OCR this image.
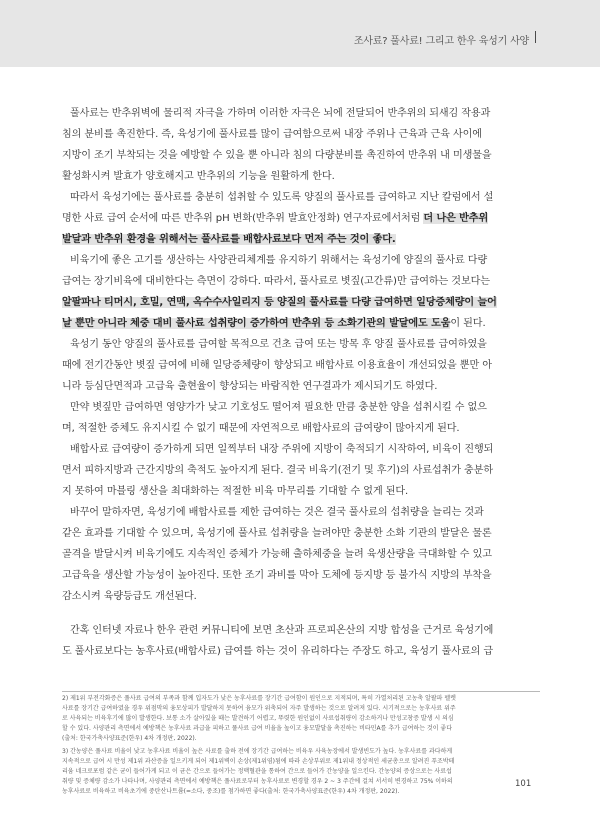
조사료? 풀사료! 그리고 한우 육성기 사양
풀사료는 반추위벽에 물리적 자극을 가하며 이러한 자극은 뇌에 전달되어 반추위의 되새김 작용과
침의 분비를 촉진한다. 즉, 육성기에 풀사료를 많이 급여함으로써 내장 주위나 근육과 근육 사이에
지방이 조기 부착되는 것을 예방할 수 있을 뿐 아니라 침의 다량분비를 촉진하여 반추위 내 미생물을
활성화시켜 발효가 양호해지고 반추위의 기능을 원활하게 한다.
따라서 육성기에는 풀사료를 충분히 섭취할 수 있도록 양질의 풀사료를 급여하고 지난 칼럼에서 설
명한 사료 급여 순서에 따른 반추위 pH 변화(반추위 발효안정화) 연구자료에서처럼 더 나은 반추위
발달과 반추위 환경을 위해서는 풀사료를 배합사료보다 먼저 주는 것이 좋다.
비육기에 좋은 고기를 생산하는 사양관리체계를 유지하기 위해서는 육성기에 양질의 풀사료 다량
급여는 장기비육에 대비한다는 측면이 강하다. 따라서, 풀사료로 볏짚(고간류)만 급여하는 것보다는
알팔파나 티머시, 호밀, 연맥, 옥수수사일리지 등 양질의 풀사료를 다량 급여하면 일당증체량이 늘어
날 뿐만 아니라 체중 대비 풀사료 섭취량이 증가하여 반추위 등 소화기관의 발달에도 도움이 된다.
육성기 동안 양질의 풀사료를 급여할 목적으로 건초 급여 또는 방목 후 양질 풀사료를 급여하였을
때에 전기간동안 볏짚 급여에 비해 일당증체량이 향상되고 배합사료 이용효율이 개선되었을 뿐만 아
니라 등심단면적과 고급육 출현율이 향상되는 바람직한 연구결과가 제시되기도 하였다.
만약 볏짚만 급여하면 영양가가 낮고 기호성도 떨어져 필요한 만큼 충분한 양을 섭취시킬 수 없으
며, 적절한 증체도 유지시킬 수 없기 때문에 자연적으로 배합사료의 급여량이 많아지게 된다.
배합사료 급여량이 증가하게 되면 일찍부터 내장 주위에 지방이 축적되기 시작하여, 비육이 진행되
면서 피하지방과 근간지방의 축적도 높아지게 된다. 결국 비육기(전기 및 후기)의 사료섭취가 충분하
지 못하여 마블링 생산을 최대화하는 적절한 비육 마무리를 기대할 수 없게 된다.
바꾸어 말하자면, 육성기에 배합사료를 제한 급여하는 것은 결국 풀사료의 섭취량을 늘리는 것과
같은 효과를 기대할 수 있으며, 육성기에 풀사료 섭취량을 늘려야만 충분한 소화 기관의 발달은 물론
골격을 발달시켜 비육기에도 지속적인 증체가 가능해 출하체중을 늘려 육생산량을 극대화할 수 있고
고급육을 생산할 가능성이 높아진다. 또한 조기 과비를 막아 도체에 등지방 등 불가식 지방의 부착을
감소시켜 육량등급도 개선된다.
간혹 인터넷 자료나 한우 관련 커뮤니티에 보면 초산과 프로피온산의 지방 합성을 근거로 육성기에
도 풀사료보다는 농후사료(배합사료) 급여를 하는 것이 유리하다는 주장도 하고, 육성기 풀사료의 급
2) 제1위 부전각화증은 풀사료 급여의 부족과 함께 입자도가 낮은 농후사료를 장기간 급여함이 원인으로 지적되며, 특히 가열처리된 고농축 알팔파 펠렛
사료를 장기간 급여하였을 경우 위점막의 융모상피가 발달하지 못하여 융모가 위축되어 자주 발생하는 것으로 알려져 있다. 시기적으로는 농후사료 위주
로 사육되는 비육후기에 많이 발생한다. 보통 소가 살아있을 때는 발견하기 어렵고, 뚜렷한 원인없이 사료섭취량이 감소하거나 만성고창증 발생 시 의심
할 수 있다. 사양관리 측면에서 예방책은 농후사료 과급을 피하고 풀사료 급여 비율을 높이고 융모발달을 촉진하는 비타민A를 추가 급여하는 것이 좋다
(출처: 한국가축사양표준(한우) 4차 개정판, 2022).
3) 간농양은 풀사료 비율이 낮고 농후사료 비율이 높은 사료를 출하 전에 장기간 급여하는 비육우 사육농장에서 발생빈도가 높다. 농후사료를 과다하게
지속적으로 급여 시 만성 제1위 과산증을 일으키게 되어 제1위벽이 손상(제1위염)됨에 따라 손상부위로 제1위내 정상적인 세균총으로 알려진 푸조박테
리움 네크로포럼 같은 균이 들어가게 되고 이 균은 간으로 들어가는 정맥혈관을 통하여 간으로 들어가 간농양을 일으킨다. 간농양의 증상으로는 사료섭
취량 및 증체량 감소가 나타나며, 사양관리 측면에서 예방책은 풀사료로부터 농후사료로 변경할 경우 2 ~ 3 주간에 걸쳐 서서히 변경하고 75% 이하의
농후사료로 비육하고 비육초기에 중탄산나트륨(=소다, 중조)를 첨가하면 좋다(출처: 한국가축사양표준(한우) 4차 개정판, 2022).
101
